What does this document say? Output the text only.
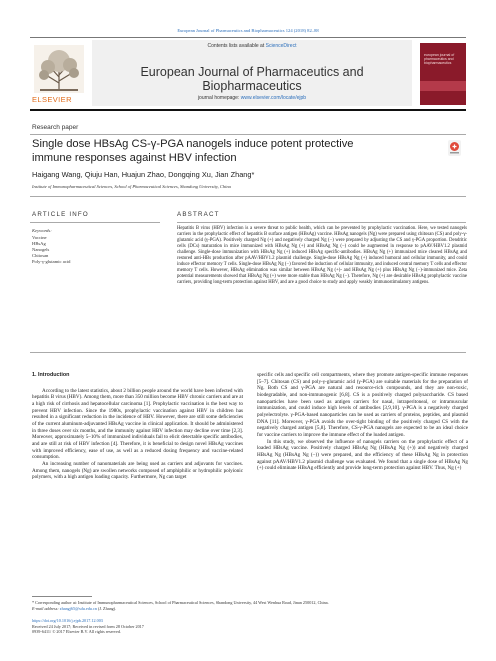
European Journal of Pharmaceutics and Biopharmaceutics 124 (2018) 82–88
ELSEVIER
Contents lists available at ScienceDirect
European Journal of Pharmaceutics and Biopharmaceutics
journal homepage: www.elsevier.com/locate/ejpb
european journal of pharmaceutics and biopharmaceutics
Research paper
Single dose HBsAg CS-γ-PGA nanogels induce potent protective immune responses against HBV infection
Haigang Wang, Qiuju Han, Huajun Zhao, Dongqing Xu, Jian Zhang*
Institute of Immunopharmaceutical Sciences, School of Pharmaceutical Sciences, Shandong University, China
ARTICLE INFO	ABSTRACT
Keywords:
Vaccine
HBsAg
Nanogels
Chitosan
Poly-γ-glutamic acid
Hepatitis B virus (HBV) infection is a severe threat to public health, which can be prevented by prophylactic vaccination. Here, we tested nanogels carriers in the prophylactic effect of hepatitis B surface antigen (HBsAg) vaccine. HBsAg nanogels (Ng) were prepared using chitosan (CS) and poly-γ-glutamic acid (γ-PGA). Positively charged Ng (+) and negatively charged Ng (−) were prepared by adjusting the CS and γ-PGA proportion. Dendritic cells (DCs) maturation in mice immunized with HBsAg Ng (+) and HBsAg Ng (−) could be augmented in response to pAAV/HBV1.2 plasmid challenge. Single-dose immunization with HBsAg Ng (+) induced HBsAg specific-antibodies. HBsAg Ng (+) immunized mice cleared HBsAg and restored anti-HBs production after pAAV/HBV1.2 plasmid challenge. Single-dose HBsAg Ng (+) induced humoral and cellular immunity, and could induce effector memory T cells. Single-dose HBsAg Ng (−) favored the induction of cellular immunity, and induced central memory T cells and effector memory T cells. However, HBsAg elimination was similar between HBsAg Ng (+)- and HBsAg Ng (+) plus HBsAg Ng (−)-immunized mice. Zeta potential measurements showed that HBsAg Ng (+) were more stable than HBsAg Ng (−). Therefore, Ng (+) are desirable HBsAg prophylactic vaccine carriers, providing long-term protection against HBV, and are a good choice to study and apply weakly immunostimulatory antigens.

1. Introduction

According to the latest statistics, about 2 billion people around the world have been infected with hepatitis B virus (HBV). Among them, more than 350 million become HBV chronic carriers and are at a high risk of cirrhosis and hepatocellular carcinoma [1]. Prophylactic vaccination is the best way to prevent HBV infection. Since the 1980s, prophylactic vaccination against HBV in children has resulted in a significant reduction in the incidence of HBV. However, there are still some deficiencies of the current aluminum-adjuvanted HBsAg vaccine in clinical application. It should be administered in three doses over six months, and the immunity against HBV infection may decline over time [2,3]. Moreover, approximately 5–10% of immunized individuals fail to elicit detectable specific antibodies, and are still at risk of HBV infection [4]. Therefore, it is beneficial to design novel HBsAg vaccines with improved efficiency, ease of use, as well as a reduced dosing frequency and vaccine-related consumption.

An increasing number of nanomaterials are being used as carriers and adjuvants for vaccines. Among them, nanogels (Ng) are swollen networks composed of amphiphilic or hydrophilic polyionic polymers, with a high antigen loading capacity. Furthermore, Ng can target

specific cells and specific cell compartments, where they promote antigen-specific immune responses [5–7]. Chitosan (CS) and poly-γ-glutamic acid (γ-PGA) are suitable materials for the preparation of Ng. Both CS and γ-PGA are natural and resource-rich compounds, and they are non-toxic, biodegradable, and non-immunogenic [6,8]. CS is a positively charged polysaccharide. CS based nanoparticles have been used as antigen carriers for nasal, intraperitoneal, or intramuscular immunization, and could induce high levels of antibodies [3,9,10]. γ-PGA is a negatively charged polyelectrolyte. γ-PGA-based nanoparticles can be used as carriers of proteins, peptides, and plasmid DNA [11]. Moreover, γ-PGA avoids the over-tight binding of the positively charged CS with the negatively charged antigen [5,8]. Therefore, CS-γ-PGA nanogels are expected to be an ideal choice for vaccine carriers to improve the immune effect of the loaded antigen.

In this study, we observed the influence of nanogels carriers on the prophylactic effect of a loaded HBsAg vaccine. Positively charged HBsAg Ng (HBsAg Ng (+)) and negatively charged HBsAg Ng (HBsAg Ng (−)) were prepared, and the efficiency of these HBsAg Ng in protection against pAAV/HBV1.2 plasmid challenge was evaluated. We found that a single dose of HBsAg Ng (+) could eliminate HBsAg efficiently and provide long-term protection against HBV. Thus, Ng (+)

* Corresponding author at: Institute of Immunopharmaceutical Sciences, School of Pharmaceutical Sciences, Shandong University, 44 West Wenhua Road, Jinan 250012, China.
E-mail address: zhangj65@sdu.edu.cn (J. Zhang).
https://doi.org/10.1016/j.ejpb.2017.12.003
Received 24 July 2017; Received in revised form 28 October 2017
0939-6411/ © 2017 Elsevier B.V. All rights reserved.
